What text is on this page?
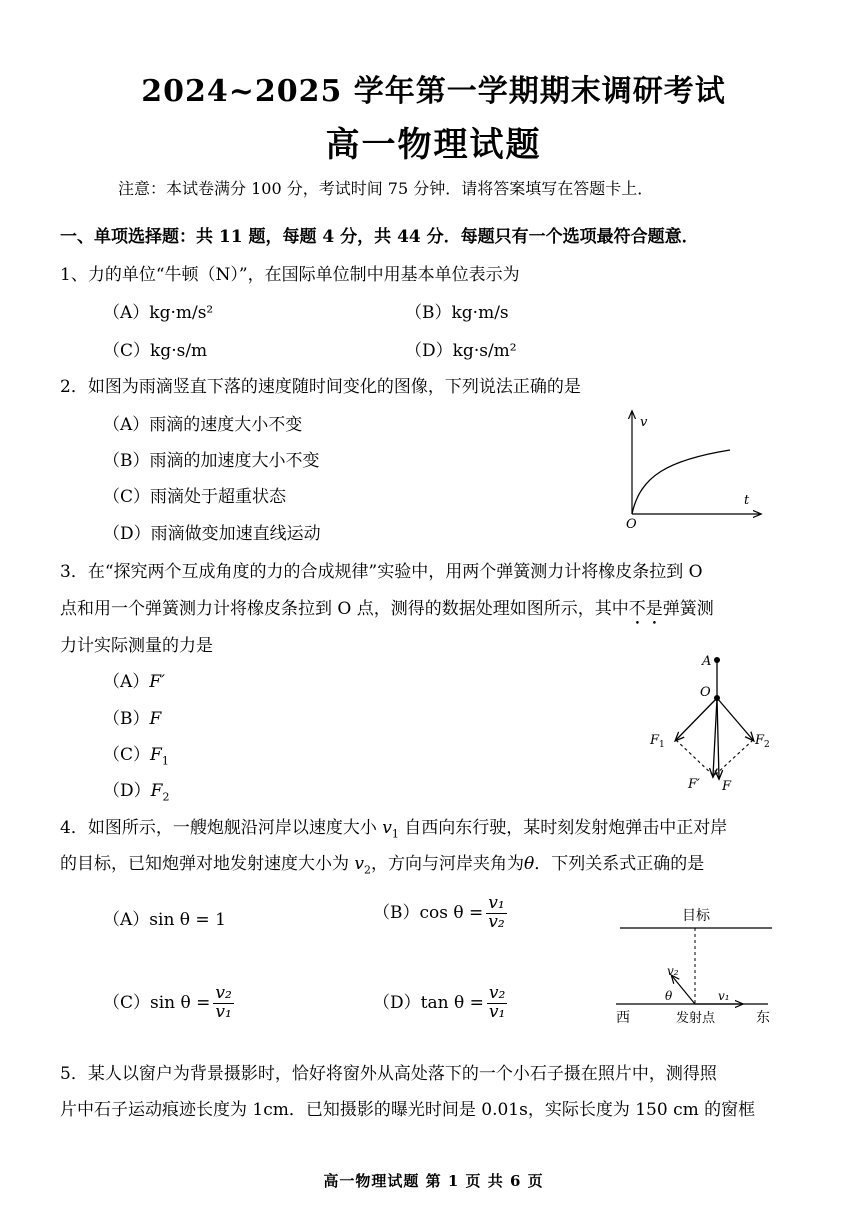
2024~2025 学年第一学期期末调研考试
高一物理试题
注意：本试卷满分 100 分，考试时间 75 分钟．请将答案填写在答题卡上．
一、单项选择题：共 11 题，每题 4 分，共 44 分．每题只有一个选项最符合题意．
1、力的单位“牛顿（N）”，在国际单位制中用基本单位表示为
（A）kg·m/s²	（B）kg·m/s
（C）kg·s/m	（D）kg·s/m²
2．如图为雨滴竖直下落的速度随时间变化的图像，下列说法正确的是
（A）雨滴的速度大小不变
（B）雨滴的加速度大小不变
（C）雨滴处于超重状态
（D）雨滴做变加速直线运动
v
t
O
3．在“探究两个互成角度的力的合成规律”实验中，用两个弹簧测力计将橡皮条拉到 O
点和用一个弹簧测力计将橡皮条拉到 O 点，测得的数据处理如图所示，其中不是弹簧测
力计实际测量的力是
（A）F′
（B）F
$(C)F_1$
$(D)F_2$
A
O
$F_1$	$F_2$
F′ F
4．如图所示，一艘炮舰沿河岸以速度大小 $v_1$ 自西向东行驶，某时刻发射炮弹击中正对岸
的目标，已知炮弹对地发射速度大小为 $v_2$，方向与河岸夹角为θ．下列关系式正确的是
（A）sin θ = 1	（B）cos $\theta = \frac{\text{v₁}}{\text{v₂}}$
（C）sin $\theta = \frac{\text{v₂}}{\text{v₁}}$	（D）tan $\theta = \frac{\text{v₂}}{\text{v₁}}$
目标
v₂
v₁
θ
西	发射点	东
5．某人以窗户为背景摄影时，恰好将窗外从高处落下的一个小石子摄在照片中，测得照
片中石子运动痕迹长度为 1cm．已知摄影的曝光时间是 0.01s，实际长度为 150 cm 的窗框
高一物理试题 第 1 页 共 6 页
